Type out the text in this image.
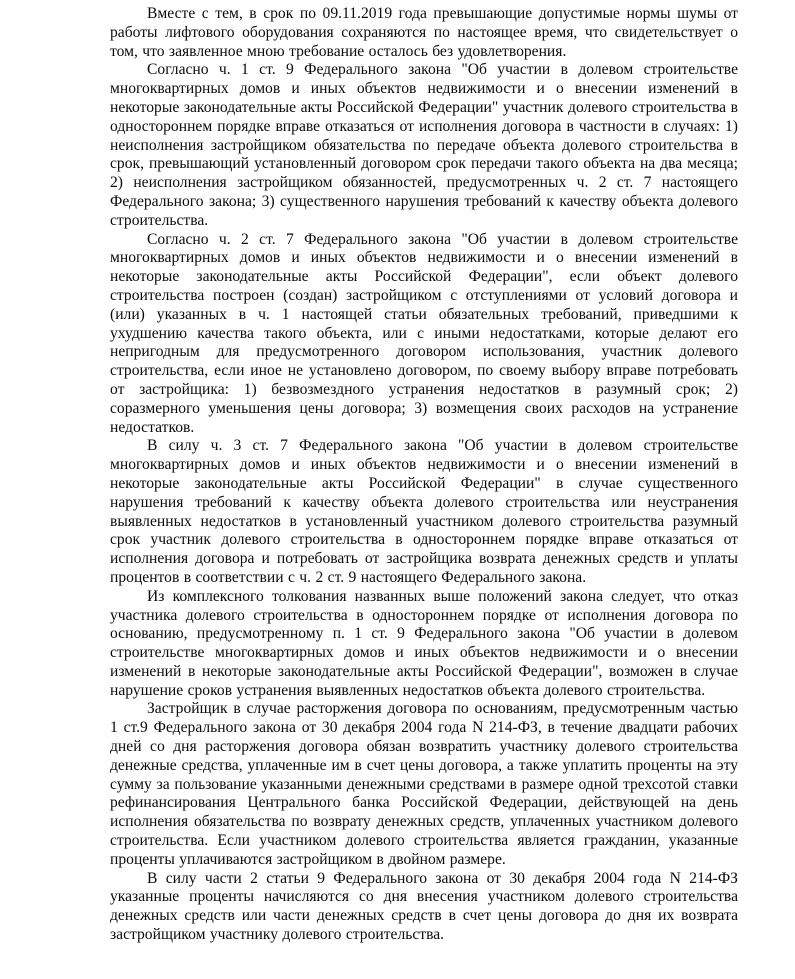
Вместе с тем, в срок по 09.11.2019 года превышающие допустимые нормы шумы от работы лифтового оборудования сохраняются по настоящее время, что свидетельствует о том, что заявленное мною требование осталось без удовлетворения.

Согласно ч. 1 ст. 9 Федерального закона "Об участии в долевом строительстве многоквартирных домов и иных объектов недвижимости и о внесении изменений в некоторые законодательные акты Российской Федерации" участник долевого строительства в одностороннем порядке вправе отказаться от исполнения договора в частности в случаях: 1) неисполнения застройщиком обязательства по передаче объекта долевого строительства в срок, превышающий установленный договором срок передачи такого объекта на два месяца; 2) неисполнения застройщиком обязанностей, предусмотренных ч. 2 ст. 7 настоящего Федерального закона; 3) существенного нарушения требований к качеству объекта долевого строительства.

Согласно ч. 2 ст. 7 Федерального закона "Об участии в долевом строительстве многоквартирных домов и иных объектов недвижимости и о внесении изменений в некоторые законодательные акты Российской Федерации", если объект долевого строительства построен (создан) застройщиком с отступлениями от условий договора и (или) указанных в ч. 1 настоящей статьи обязательных требований, приведшими к ухудшению качества такого объекта, или с иными недостатками, которые делают его непригодным для предусмотренного договором использования, участник долевого строительства, если иное не установлено договором, по своему выбору вправе потребовать от застройщика: 1) безвозмездного устранения недостатков в разумный срок; 2) соразмерного уменьшения цены договора; 3) возмещения своих расходов на устранение недостатков.

В силу ч. 3 ст. 7 Федерального закона "Об участии в долевом строительстве многоквартирных домов и иных объектов недвижимости и о внесении изменений в некоторые законодательные акты Российской Федерации" в случае существенного нарушения требований к качеству объекта долевого строительства или неустранения выявленных недостатков в установленный участником долевого строительства разумный срок участник долевого строительства в одностороннем порядке вправе отказаться от исполнения договора и потребовать от застройщика возврата денежных средств и уплаты процентов в соответствии с ч. 2 ст. 9 настоящего Федерального закона.

Из комплексного толкования названных выше положений закона следует, что отказ участника долевого строительства в одностороннем порядке от исполнения договора по основанию, предусмотренному п. 1 ст. 9 Федерального закона "Об участии в долевом строительстве многоквартирных домов и иных объектов недвижимости и о внесении изменений в некоторые законодательные акты Российской Федерации", возможен в случае нарушение сроков устранения выявленных недостатков объекта долевого строительства.

Застройщик в случае расторжения договора по основаниям, предусмотренным частью 1 ст.9 Федерального закона от 30 декабря 2004 года N 214-ФЗ, в течение двадцати рабочих дней со дня расторжения договора обязан возвратить участнику долевого строительства денежные средства, уплаченные им в счет цены договора, а также уплатить проценты на эту сумму за пользование указанными денежными средствами в размере одной трехсотой ставки рефинансирования Центрального банка Российской Федерации, действующей на день исполнения обязательства по возврату денежных средств, уплаченных участником долевого строительства. Если участником долевого строительства является гражданин, указанные проценты уплачиваются застройщиком в двойном размере.

В силу части 2 статьи 9 Федерального закона от 30 декабря 2004 года N 214-ФЗ указанные проценты начисляются со дня внесения участником долевого строительства денежных средств или части денежных средств в счет цены договора до дня их возврата застройщиком участнику долевого строительства.
